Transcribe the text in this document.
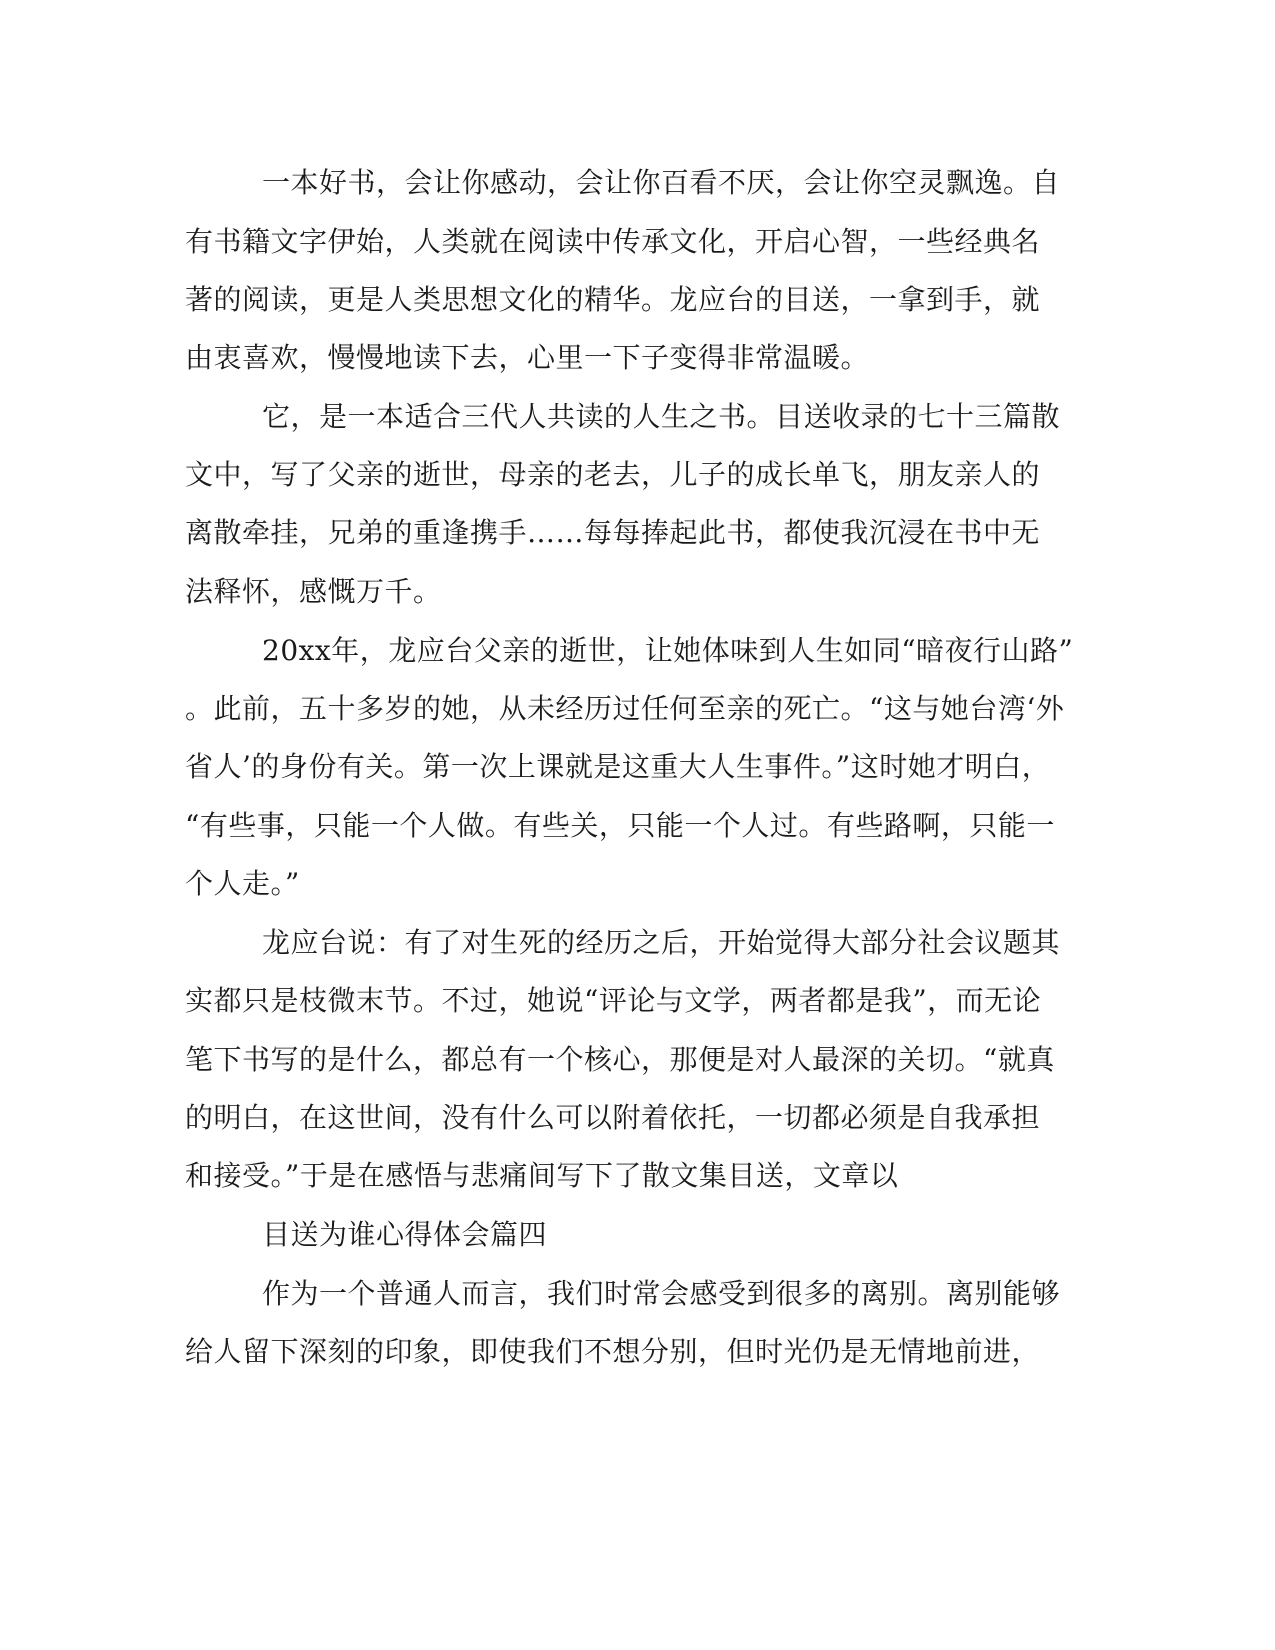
一本好书，会让你感动，会让你百看不厌，会让你空灵飘逸。自
有书籍文字伊始，人类就在阅读中传承文化，开启心智，一些经典名
著的阅读，更是人类思想文化的精华。龙应台的目送，一拿到手，就
由衷喜欢，慢慢地读下去，心里一下子变得非常温暖。
它，是一本适合三代人共读的人生之书。目送收录的七十三篇散
文中，写了父亲的逝世，母亲的老去，儿子的成长单飞，朋友亲人的
离散牵挂，兄弟的重逢携手……每每捧起此书，都使我沉浸在书中无
法释怀，感慨万千。
20xx年，龙应台父亲的逝世，让她体味到人生如同“暗夜行山路”
。此前，五十多岁的她，从未经历过任何至亲的死亡。“这与她台湾‘外
省人’的身份有关。第一次上课就是这重大人生事件。”这时她才明白，
“有些事，只能一个人做。有些关，只能一个人过。有些路啊，只能一
个人走。”
龙应台说：有了对生死的经历之后，开始觉得大部分社会议题其
实都只是枝微末节。不过，她说“评论与文学，两者都是我”，而无论
笔下书写的是什么，都总有一个核心，那便是对人最深的关切。“就真
的明白，在这世间，没有什么可以附着依托，一切都必须是自我承担
和接受。”于是在感悟与悲痛间写下了散文集目送，文章以
目送为谁心得体会篇四
作为一个普通人而言，我们时常会感受到很多的离别。离别能够
给人留下深刻的印象，即使我们不想分别，但时光仍是无情地前进，
